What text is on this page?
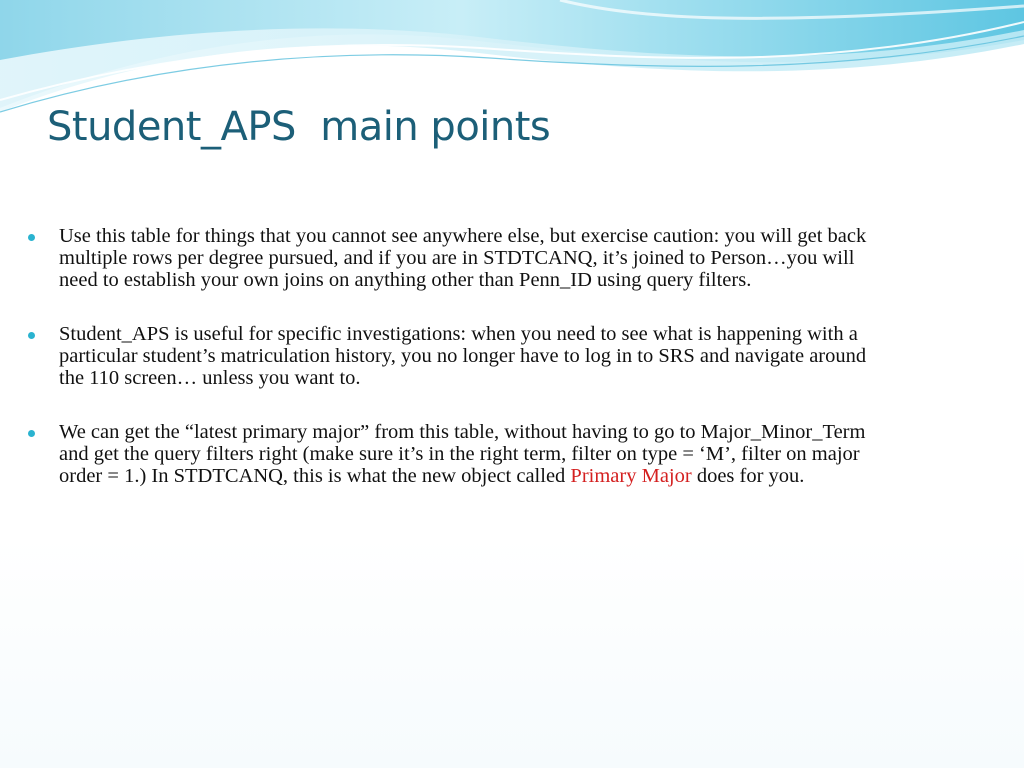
Student_APS  main points
Use this table for things that you cannot see anywhere else, but exercise caution: you will get back multiple rows per degree pursued, and if you are in STDTCANQ, it’s joined to Person…you will need to establish your own joins on anything other than Penn_ID using query filters.
Student_APS is useful for specific investigations: when you need to see what is happening with a particular student’s matriculation history, you no longer have to log in to SRS and navigate around the 110 screen… unless you want to.
We can get the “latest primary major” from this table, without having to go to Major_Minor_Term and get the query filters right (make sure it’s in the right term, filter on type = ‘M’, filter on major order = 1.) In STDTCANQ, this is what the new object called Primary Major does for you.
